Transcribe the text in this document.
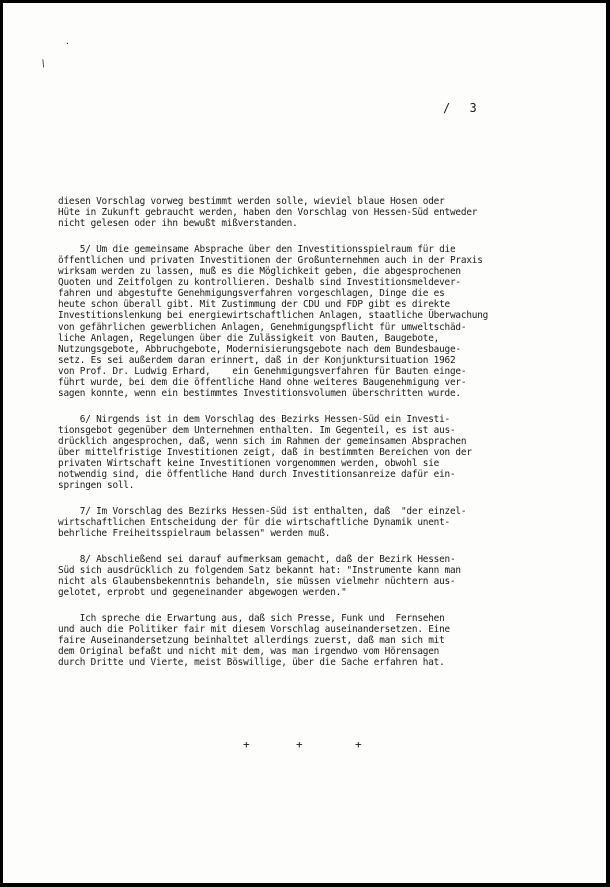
.
/
/ 3
diesen Vorschlag vorweg bestimmt werden solle, wieviel blaue Hosen oder
Hüte in Zukunft gebraucht werden, haben den Vorschlag von Hessen-Süd entweder
nicht gelesen oder ihn bewußt mißverstanden.
5/ Um die gemeinsame Absprache über den Investitionsspielraum für die
öffentlichen und privaten Investitionen der Großunternehmen auch in der Praxis
wirksam werden zu lassen, muß es die Möglichkeit geben, die abgesprochenen
Quoten und Zeitfolgen zu kontrollieren. Deshalb sind Investitionsmeldever-
fahren und abgestufte Genehmigungsverfahren vorgeschlagen, Dinge die es
heute schon überall gibt. Mit Zustimmung der CDU und FDP gibt es direkte
Investitionslenkung bei energiewirtschaftlichen Anlagen, staatliche Überwachung
von gefährlichen gewerblichen Anlagen, Genehmigungspflicht für umweltschäd-
liche Anlagen, Regelungen über die Zulässigkeit von Bauten, Baugebote,
Nutzungsgebote, Abbruchgebote, Modernisierungsgebote nach dem Bundesbauge-
setz. Es sei außerdem daran erinnert, daß in der Konjunktursituation 1962
von Prof. Dr. Ludwig Erhard,    ein Genehmigungsverfahren für Bauten einge-
führt wurde, bei dem die öffentliche Hand ohne weiteres Baugenehmigung ver-
sagen konnte, wenn ein bestimmtes Investitionsvolumen überschritten wurde.
6/ Nirgends ist in dem Vorschlag des Bezirks Hessen-Süd ein Investi-
tionsgebot gegenüber dem Unternehmen enthalten. Im Gegenteil, es ist aus-
drücklich angesprochen, daß, wenn sich im Rahmen der gemeinsamen Absprachen
über mittelfristige Investitionen zeigt, daß in bestimmten Bereichen von der
privaten Wirtschaft keine Investitionen vorgenommen werden, obwohl sie
notwendig sind, die öffentliche Hand durch Investitionsanreize dafür ein-
springen soll.
7/ Im Vorschlag des Bezirks Hessen-Süd ist enthalten, daß  "der einzel-
wirtschaftlichen Entscheidung der für die wirtschaftliche Dynamik unent-
behrliche Freiheitsspielraum belassen" werden muß.
8/ Abschließend sei darauf aufmerksam gemacht, daß der Bezirk Hessen-
Süd sich ausdrücklich zu folgendem Satz bekannt hat: "Instrumente kann man
nicht als Glaubensbekenntnis behandeln, sie müssen vielmehr nüchtern aus-
gelotet, erprobt und gegeneinander abgewogen werden."
Ich spreche die Erwartung aus, daß sich Presse, Funk und  Fernsehen
und auch die Politiker fair mit diesem Vorschlag auseinandersetzen. Eine
faire Auseinandersetzung beinhaltet allerdings zuerst, daß man sich mit
dem Original befaßt und nicht mit dem, was man irgendwo vom Hörensagen
durch Dritte und Vierte, meist Böswillige, über die Sache erfahren hat.
+	+	+
